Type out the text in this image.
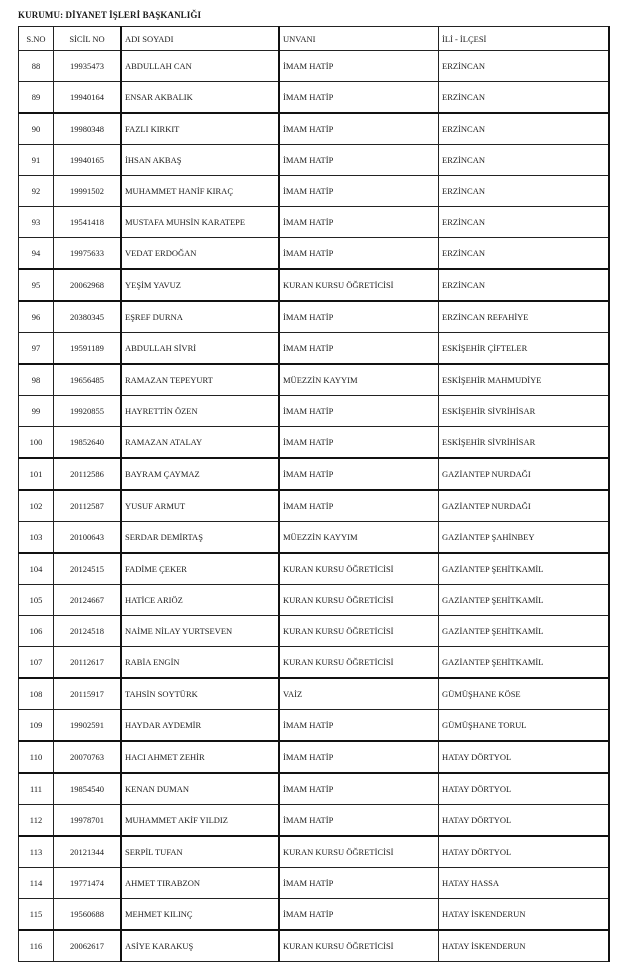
KURUMU: DİYANET İŞLERİ BAŞKANLIĞI
S.NO	SİCİL NO	ADI SOYADI	UNVANI	İLİ - İLÇESİ
88	19935473	ABDULLAH CAN	İMAM HATİP	ERZİNCAN
89	19940164	ENSAR AKBALIK	İMAM HATİP	ERZİNCAN
90	19980348	FAZLI KIRKIT	İMAM HATİP	ERZİNCAN
91	19940165	İHSAN AKBAŞ	İMAM HATİP	ERZİNCAN
92	19991502	MUHAMMET HANİF KIRAÇ	İMAM HATİP	ERZİNCAN
93	19541418	MUSTAFA MUHSİN KARATEPE	İMAM HATİP	ERZİNCAN
94	19975633	VEDAT ERDOĞAN	İMAM HATİP	ERZİNCAN
95	20062968	YEŞİM YAVUZ	KURAN KURSU ÖĞRETİCİSİ	ERZİNCAN
96	20380345	EŞREF DURNA	İMAM HATİP	ERZİNCAN REFAHİYE
97	19591189	ABDULLAH SİVRİ	İMAM HATİP	ESKİŞEHİR ÇİFTELER
98	19656485	RAMAZAN TEPEYURT	MÜEZZİN KAYYIM	ESKİŞEHİR MAHMUDİYE
99	19920855	HAYRETTİN ÖZEN	İMAM HATİP	ESKİŞEHİR SİVRİHİSAR
100	19852640	RAMAZAN ATALAY	İMAM HATİP	ESKİŞEHİR SİVRİHİSAR
101	20112586	BAYRAM ÇAYMAZ	İMAM HATİP	GAZİANTEP NURDAĞI
102	20112587	YUSUF ARMUT	İMAM HATİP	GAZİANTEP NURDAĞI
103	20100643	SERDAR DEMİRTAŞ	MÜEZZİN KAYYIM	GAZİANTEP ŞAHİNBEY
104	20124515	FADİME ÇEKER	KURAN KURSU ÖĞRETİCİSİ	GAZİANTEP ŞEHİTKAMİL
105	20124667	HATİCE ARIÖZ	KURAN KURSU ÖĞRETİCİSİ	GAZİANTEP ŞEHİTKAMİL
106	20124518	NAİME NİLAY YURTSEVEN	KURAN KURSU ÖĞRETİCİSİ	GAZİANTEP ŞEHİTKAMİL
107	20112617	RABİA ENGİN	KURAN KURSU ÖĞRETİCİSİ	GAZİANTEP ŞEHİTKAMİL
108	20115917	TAHSİN SOYTÜRK	VAİZ	GÜMÜŞHANE KÖSE
109	19902591	HAYDAR AYDEMİR	İMAM HATİP	GÜMÜŞHANE TORUL
110	20070763	HACI AHMET ZEHİR	İMAM HATİP	HATAY DÖRTYOL
111	19854540	KENAN DUMAN	İMAM HATİP	HATAY DÖRTYOL
112	19978701	MUHAMMET AKİF YILDIZ	İMAM HATİP	HATAY DÖRTYOL
113	20121344	SERPİL TUFAN	KURAN KURSU ÖĞRETİCİSİ	HATAY DÖRTYOL
114	19771474	AHMET TIRABZON	İMAM HATİP	HATAY HASSA
115	19560688	MEHMET KILINÇ	İMAM HATİP	HATAY İSKENDERUN
116	20062617	ASİYE KARAKUŞ	KURAN KURSU ÖĞRETİCİSİ	HATAY İSKENDERUN
